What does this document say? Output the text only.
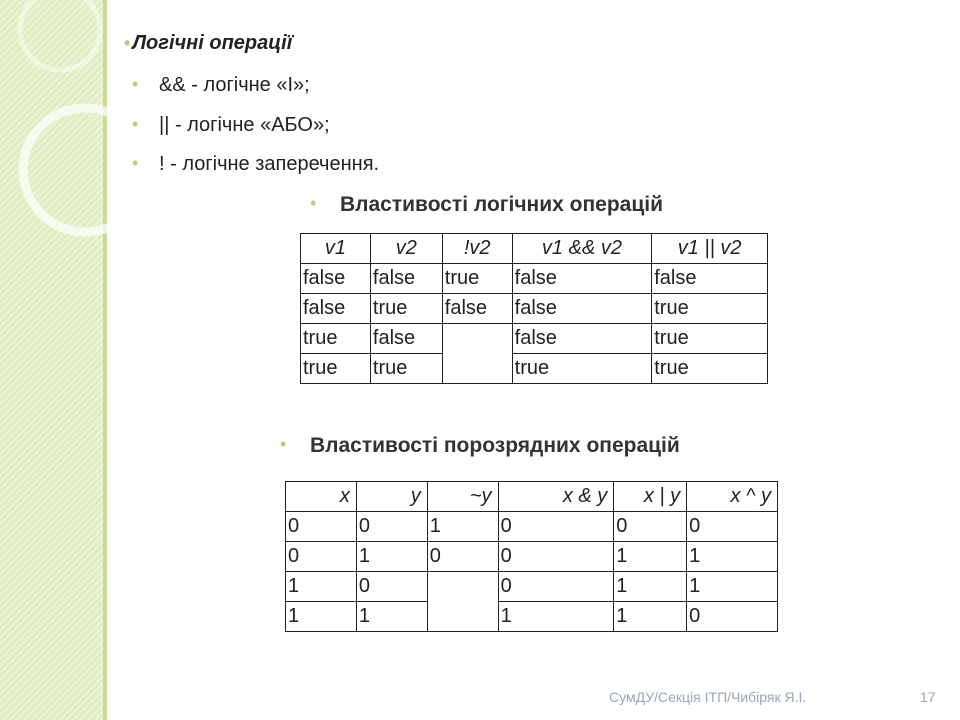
• Логічні операції
• && - логічне «І»;
• || - логічне «АБО»;
• ! - логічне заперечення.
• Властивості логічних операцій
v1	v2	!v2	v1 && v2	v1 || v2
false	false	true	false	false
false	true	false	false	true
true	false		false	true
true	true		true	true
• Властивості порозрядних операцій
x	y	~y	x & y	x | y	x ^ y
0	0	1	0	0	0
0	1	0	0	1	1
1	0		0	1	1
1	1		1	1	0
СумДУ/Секція ІТП/Чибіряк Я.І.	17
